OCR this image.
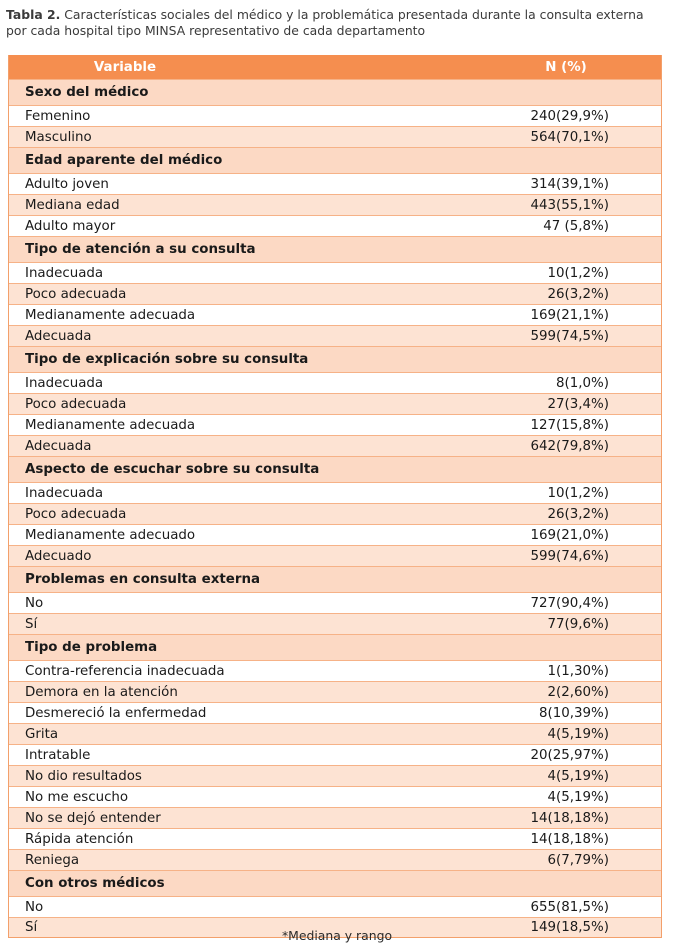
Tabla 2. Características sociales del médico y la problemática presentada durante la consulta externa por cada hospital tipo MINSA representativo de cada departamento
Variable	N (%)
Sexo del médico
Femenino	240(29,9%)
Masculino	564(70,1%)
Edad aparente del médico
Adulto joven	314(39,1%)
Mediana edad	443(55,1%)
Adulto mayor	47 (5,8%)
Tipo de atención a su consulta
Inadecuada	10(1,2%)
Poco adecuada	26(3,2%)
Medianamente adecuada	169(21,1%)
Adecuada	599(74,5%)
Tipo de explicación sobre su consulta
Inadecuada	8(1,0%)
Poco adecuada	27(3,4%)
Medianamente adecuada	127(15,8%)
Adecuada	642(79,8%)
Aspecto de escuchar sobre su consulta
Inadecuada	10(1,2%)
Poco adecuada	26(3,2%)
Medianamente adecuado	169(21,0%)
Adecuado	599(74,6%)
Problemas en consulta externa
No	727(90,4%)
Sí	77(9,6%)
Tipo de problema
Contra-referencia inadecuada	1(1,30%)
Demora en la atención	2(2,60%)
Desmereció la enfermedad	8(10,39%)
Grita	4(5,19%)
Intratable	20(25,97%)
No dio resultados	4(5,19%)
No me escucho	4(5,19%)
No se dejó entender	14(18,18%)
Rápida atención	14(18,18%)
Reniega	6(7,79%)
Con otros médicos
No	655(81,5%)
Sí	149(18,5%)
*Mediana y rango
